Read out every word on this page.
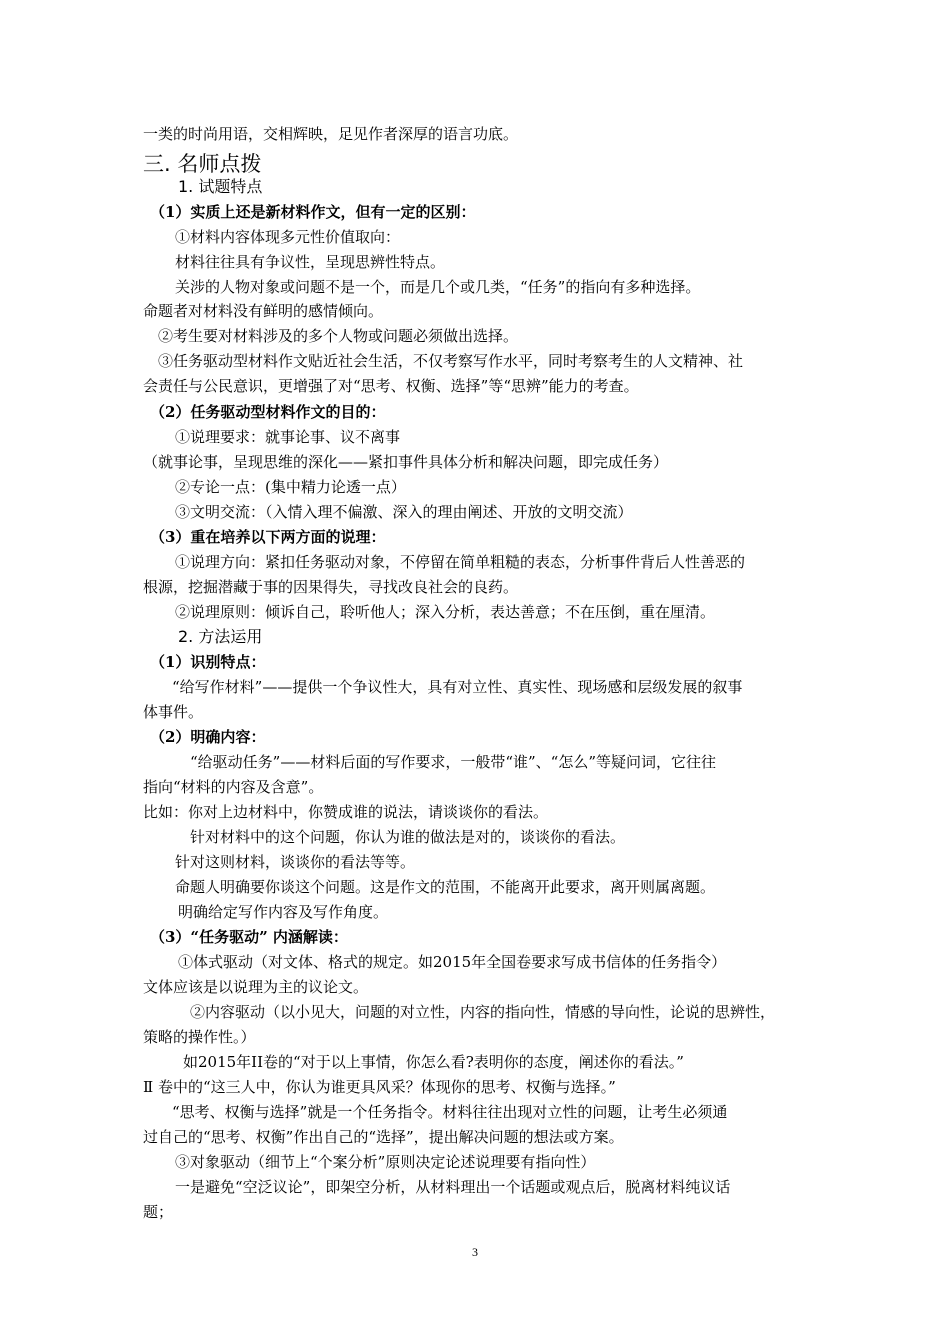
一类的时尚用语，交相辉映，足见作者深厚的语言功底。
三. 名师点拨
1. 试题特点
（1）实质上还是新材料作文，但有一定的区别：
①材料内容体现多元性价值取向：
材料往往具有争议性，呈现思辨性特点。
关涉的人物对象或问题不是一个，而是几个或几类，“任务”的指向有多种选择。
命题者对材料没有鲜明的感情倾向。
②考生要对材料涉及的多个人物或问题必须做出选择。
③任务驱动型材料作文贴近社会生活，不仅考察写作水平，同时考察考生的人文精神、社
会责任与公民意识，更增强了对“思考、权衡、选择”等“思辨”能力的考查。
（2）任务驱动型材料作文的目的：
①说理要求：就事论事、议不离事
（就事论事，呈现思维的深化——紧扣事件具体分析和解决问题，即完成任务）
②专论一点：(集中精力论透一点）
③文明交流：（入情入理不偏激、深入的理由阐述、开放的文明交流）
（3）重在培养以下两方面的说理：
①说理方向：紧扣任务驱动对象，不停留在简单粗糙的表态，分析事件背后人性善恶的
根源，挖掘潜藏于事的因果得失，寻找改良社会的良药。
②说理原则：倾诉自己，聆听他人；深入分析，表达善意；不在压倒，重在厘清。
2. 方法运用
（1）识别特点：
“给写作材料”——提供一个争议性大，具有对立性、真实性、现场感和层级发展的叙事
体事件。
（2）明确内容：
“给驱动任务”——材料后面的写作要求，一般带“谁”、“怎么”等疑问词，它往往
指向“材料的内容及含意”。
比如：你对上边材料中，你赞成谁的说法，请谈谈你的看法。
针对材料中的这个问题，你认为谁的做法是对的，谈谈你的看法。
针对这则材料，谈谈你的看法等等。
命题人明确要你谈这个问题。这是作文的范围，不能离开此要求，离开则属离题。
明确给定写作内容及写作角度。
（3）“任务驱动” 内涵解读：
①体式驱动（对文体、格式的规定。如2015年全国卷要求写成书信体的任务指令）
文体应该是以说理为主的议论文。
②内容驱动（以小见大，问题的对立性，内容的指向性，情感的导向性，论说的思辨性，
策略的操作性。）
如2015年ⅠⅠ卷的“对于以上事情，你怎么看?表明你的态度，阐述你的看法。”
Ⅱ 卷中的“这三人中，你认为谁更具风采？体现你的思考、权衡与选择。”
“思考、权衡与选择”就是一个任务指令。材料往往出现对立性的问题，让考生必须通
过自己的“思考、权衡”作出自己的“选择”，提出解决问题的想法或方案。
③对象驱动（细节上“个案分析”原则决定论述说理要有指向性）
一是避免“空泛议论”，即架空分析，从材料理出一个话题或观点后，脱离材料纯议话
题；
3
